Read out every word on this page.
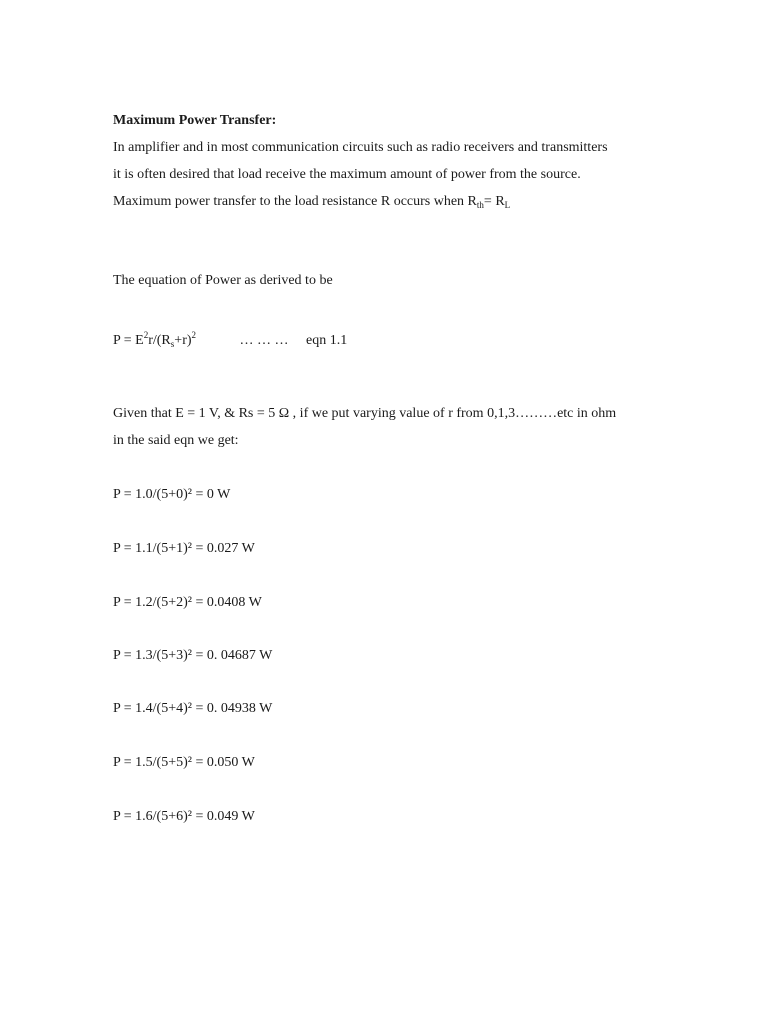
Maximum Power Transfer:
In amplifier and in most communication circuits such as radio receivers and transmitters
it is often desired that load receive the maximum amount of power from the source.
Maximum power transfer to the load resistance R occurs when $R_{th}= R_L$
The equation of Power as derived to be
$P = E^2r/(R_s+r)^2$	… … … eqn 1.1
Given that E = 1 V, & Rs = 5 Ω , if we put varying value of r from 0,1,3………etc in ohm
in the said eqn we get:
P = 1.0/(5+0)² = 0 W
P = 1.1/(5+1)² = 0.027 W
P = 1.2/(5+2)² = 0.0408 W
P = 1.3/(5+3)² = 0. 04687 W
P = 1.4/(5+4)² = 0. 04938 W
P = 1.5/(5+5)² = 0.050 W
P = 1.6/(5+6)² = 0.049 W
